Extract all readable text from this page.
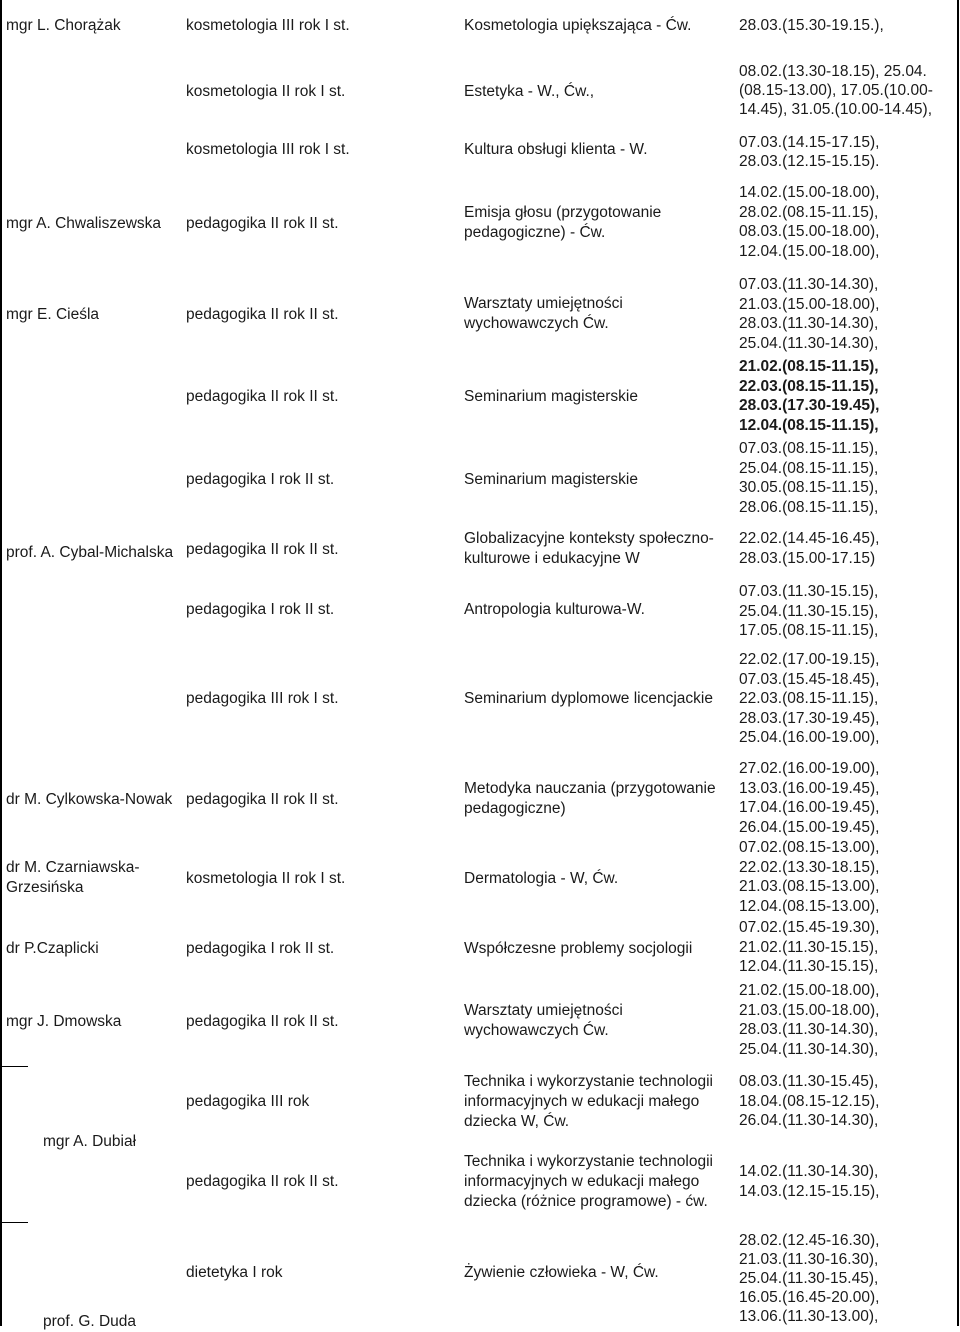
mgr L. Chorążak
mgr A. Chwaliszewska
mgr E. Cieśla
prof. A. Cybal-Michalska
dr M. Cylkowska-Nowak
dr M. Czarniawska- Grzesińska
dr P.Czaplicki
mgr J. Dmowska
mgr A. Dubiał
prof. G. Duda
kosmetologia III rok I st.
kosmetologia II rok I st.
kosmetologia III rok I st.
pedagogika II rok II st.
pedagogika II rok II st.
pedagogika II rok II st.
pedagogika I rok II st.
pedagogika II rok II st.
pedagogika I rok II st.
pedagogika III rok I st.
pedagogika II rok II st.
kosmetologia II rok I st.
pedagogika I rok II st.
pedagogika II rok II st.
pedagogika III rok
pedagogika II rok II st.
dietetyka I rok
Kosmetologia upiększająca - Ćw.
Estetyka - W., Ćw.,
Kultura obsługi klienta - W.
Emisja głosu (przygotowanie pedagogiczne) - Ćw.
Warsztaty umiejętności wychowawczych Ćw.
Seminarium magisterskie
Seminarium magisterskie
Globalizacyjne konteksty społeczno- kulturowe i edukacyjne W
Antropologia kulturowa-W.
Seminarium dyplomowe licencjackie
Metodyka nauczania (przygotowanie pedagogiczne)
Dermatologia - W, Ćw.
Współczesne problemy socjologii
Warsztaty umiejętności wychowawczych Ćw.
Technika i wykorzystanie technologii informacyjnych w edukacji małego dziecka W, Ćw.
Technika i wykorzystanie technologii informacyjnych w edukacji małego dziecka (różnice programowe) - ćw.
Żywienie człowieka - W, Ćw.
28.03.(15.30-19.15.),
08.02.(13.30-18.15), 25.04. (08.15-13.00), 17.05.(10.00- 14.45), 31.05.(10.00-14.45),
07.03.(14.15-17.15), 28.03.(12.15-15.15).
14.02.(15.00-18.00), 28.02.(08.15-11.15), 08.03.(15.00-18.00), 12.04.(15.00-18.00),
07.03.(11.30-14.30), 21.03.(15.00-18.00), 28.03.(11.30-14.30), 25.04.(11.30-14.30),
21.02.(08.15-11.15), 22.03.(08.15-11.15), 28.03.(17.30-19.45), 12.04.(08.15-11.15),
07.03.(08.15-11.15), 25.04.(08.15-11.15), 30.05.(08.15-11.15), 28.06.(08.15-11.15),
22.02.(14.45-16.45), 28.03.(15.00-17.15)
07.03.(11.30-15.15), 25.04.(11.30-15.15), 17.05.(08.15-11.15),
22.02.(17.00-19.15), 07.03.(15.45-18.45), 22.03.(08.15-11.15), 28.03.(17.30-19.45), 25.04.(16.00-19.00),
27.02.(16.00-19.00), 13.03.(16.00-19.45), 17.04.(16.00-19.45), 26.04.(15.00-19.45),
07.02.(08.15-13.00), 22.02.(13.30-18.15), 21.03.(08.15-13.00), 12.04.(08.15-13.00),
07.02.(15.45-19.30), 21.02.(11.30-15.15), 12.04.(11.30-15.15),
21.02.(15.00-18.00), 21.03.(15.00-18.00), 28.03.(11.30-14.30), 25.04.(11.30-14.30),
08.03.(11.30-15.45), 18.04.(08.15-12.15), 26.04.(11.30-14.30),
14.02.(11.30-14.30), 14.03.(12.15-15.15),
28.02.(12.45-16.30), 21.03.(11.30-16.30), 25.04.(11.30-15.45), 16.05.(16.45-20.00), 13.06.(11.30-13.00),
